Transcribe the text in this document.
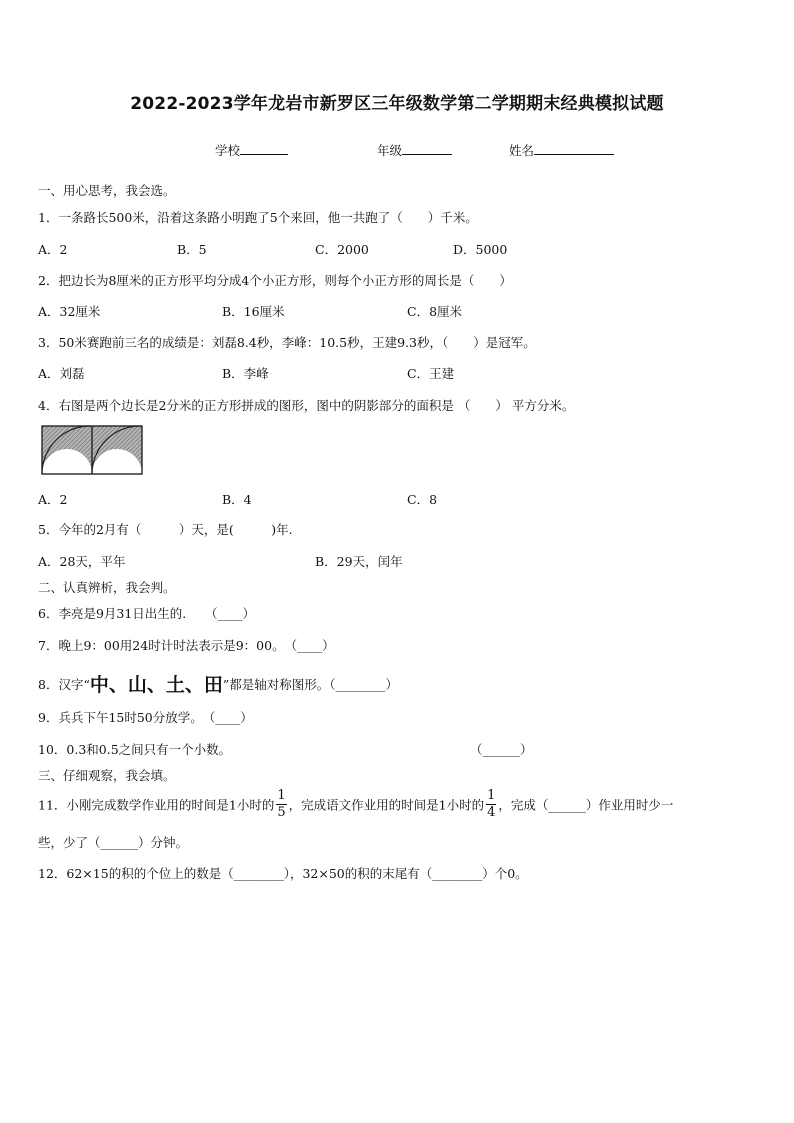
2022-2023学年龙岩市新罗区三年级数学第二学期期末经典模拟试题
学校	年级	姓名
一、用心思考，我会选。
1．一条路长500米，沿着这条路小明跑了5个来回，他一共跑了（　　）千米。
A．2	B．5	C．2000	D．5000
2．把边长为8厘米的正方形平均分成4个小正方形，则每个小正方形的周长是（　　）
A．32厘米	B．16厘米	C．8厘米
3．50米赛跑前三名的成绩是：刘磊8.4秒，李峰：10.5秒，王建9.3秒，（　　）是冠军。
A．刘磊	B．李峰	C．王建
4．右图是两个边长是2分米的正方形拼成的图形，图中的阴影部分的面积是 （　　） 平方分米。
A．2	B．4	C．8
5．今年的2月有（　　　）天，是(　　　)年.
A．28天，平年	B．29天，闰年
二、认真辨析，我会判。
6．李亮是9月31日出生的.　　（____）
7．晚上9：00用24时计时法表示是9：00。　（____）
8．汉字“中、山、土、田”都是轴对称图形。（________）
9．兵兵下午15时50分放学。　（____）
10．0.3和0.5之间只有一个小数。	（______）
三、仔细观察，我会填。
11．小刚完成数学作业用的时间是1小时的 $\frac{1}{5}$ ，完成语文作业用的时间是1小时的 $\frac{1}{4}$ ，完成（______）作业用时少一
些，少了（______）分钟。
12．62×15的积的个位上的数是（________），32×50的积的末尾有（________）个0。
